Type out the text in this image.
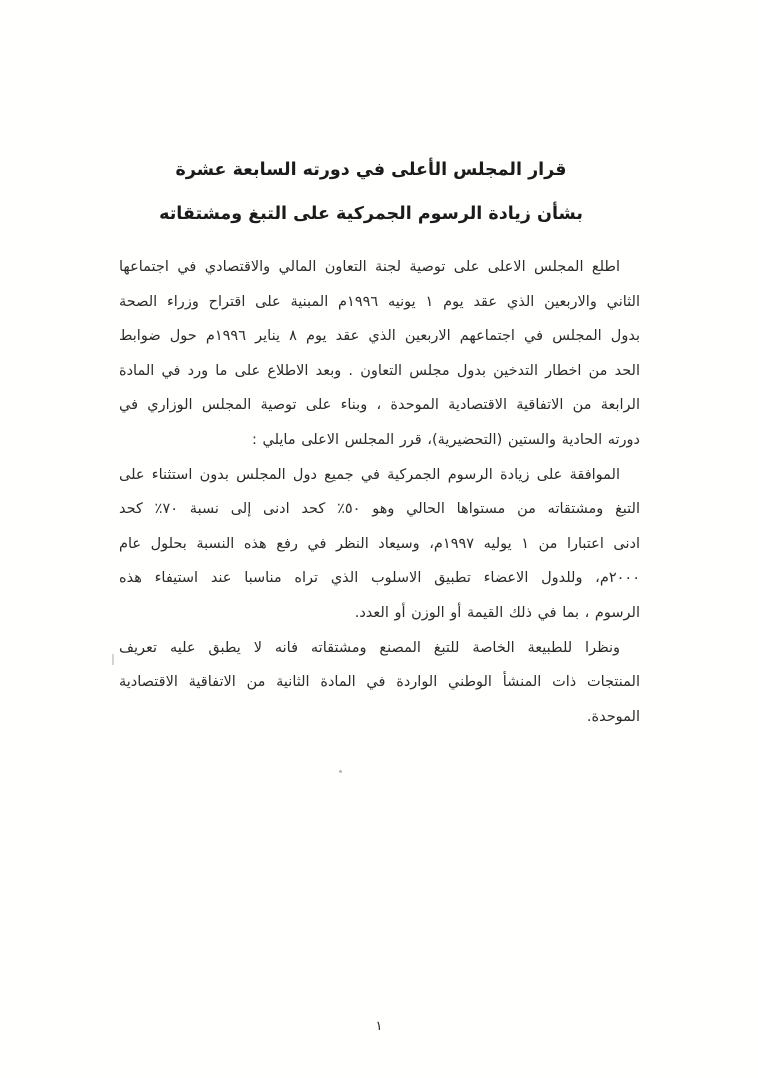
قرار المجلس الأعلى في دورته السابعة عشرة
بشأن زيادة الرسوم الجمركية على التبغ ومشتقاته
اطلع المجلس الاعلى على توصية لجنة التعاون المالي والاقتصادي في اجتماعها
الثاني والاربعين الذي عقد يوم ١ يونيه ١٩٩٦م المبنية على اقتراح وزراء الصحة
بدول المجلس في اجتماعهم الاربعين الذي عقد يوم ٨ يناير ١٩٩٦م حول ضوابط
الحد من اخطار التدخين بدول مجلس التعاون . وبعد الاطلاع على ما ورد في المادة
الرابعة من الاتفاقية الاقتصادية الموحدة ، وبناء على توصية المجلس الوزاري في
دورته الحادية والستين (التحضيرية)، قرر المجلس الاعلى مايلي :
الموافقة على زيادة الرسوم الجمركية في جميع دول المجلس بدون استثناء على
التبغ ومشتقاته من مستواها الحالي وهو ٥٠٪ كحد ادنى إلى نسبة ٧٠٪ كحد
ادنى اعتبارا من ١ يوليه ١٩٩٧م، وسيعاد النظر في رفع هذه النسبة بحلول عام
٢٠٠٠م، وللدول الاعضاء تطبيق الاسلوب الذي تراه مناسبا عند استيفاء هذه
الرسوم ، بما في ذلك القيمة أو الوزن أو العدد.
ونظرا للطبيعة الخاصة للتبغ المصنع ومشتقاته فانه لا يطبق عليه تعريف
المنتجات ذات المنشأ الوطني الواردة في المادة الثانية من الاتفاقية الاقتصادية
الموحدة.
١
